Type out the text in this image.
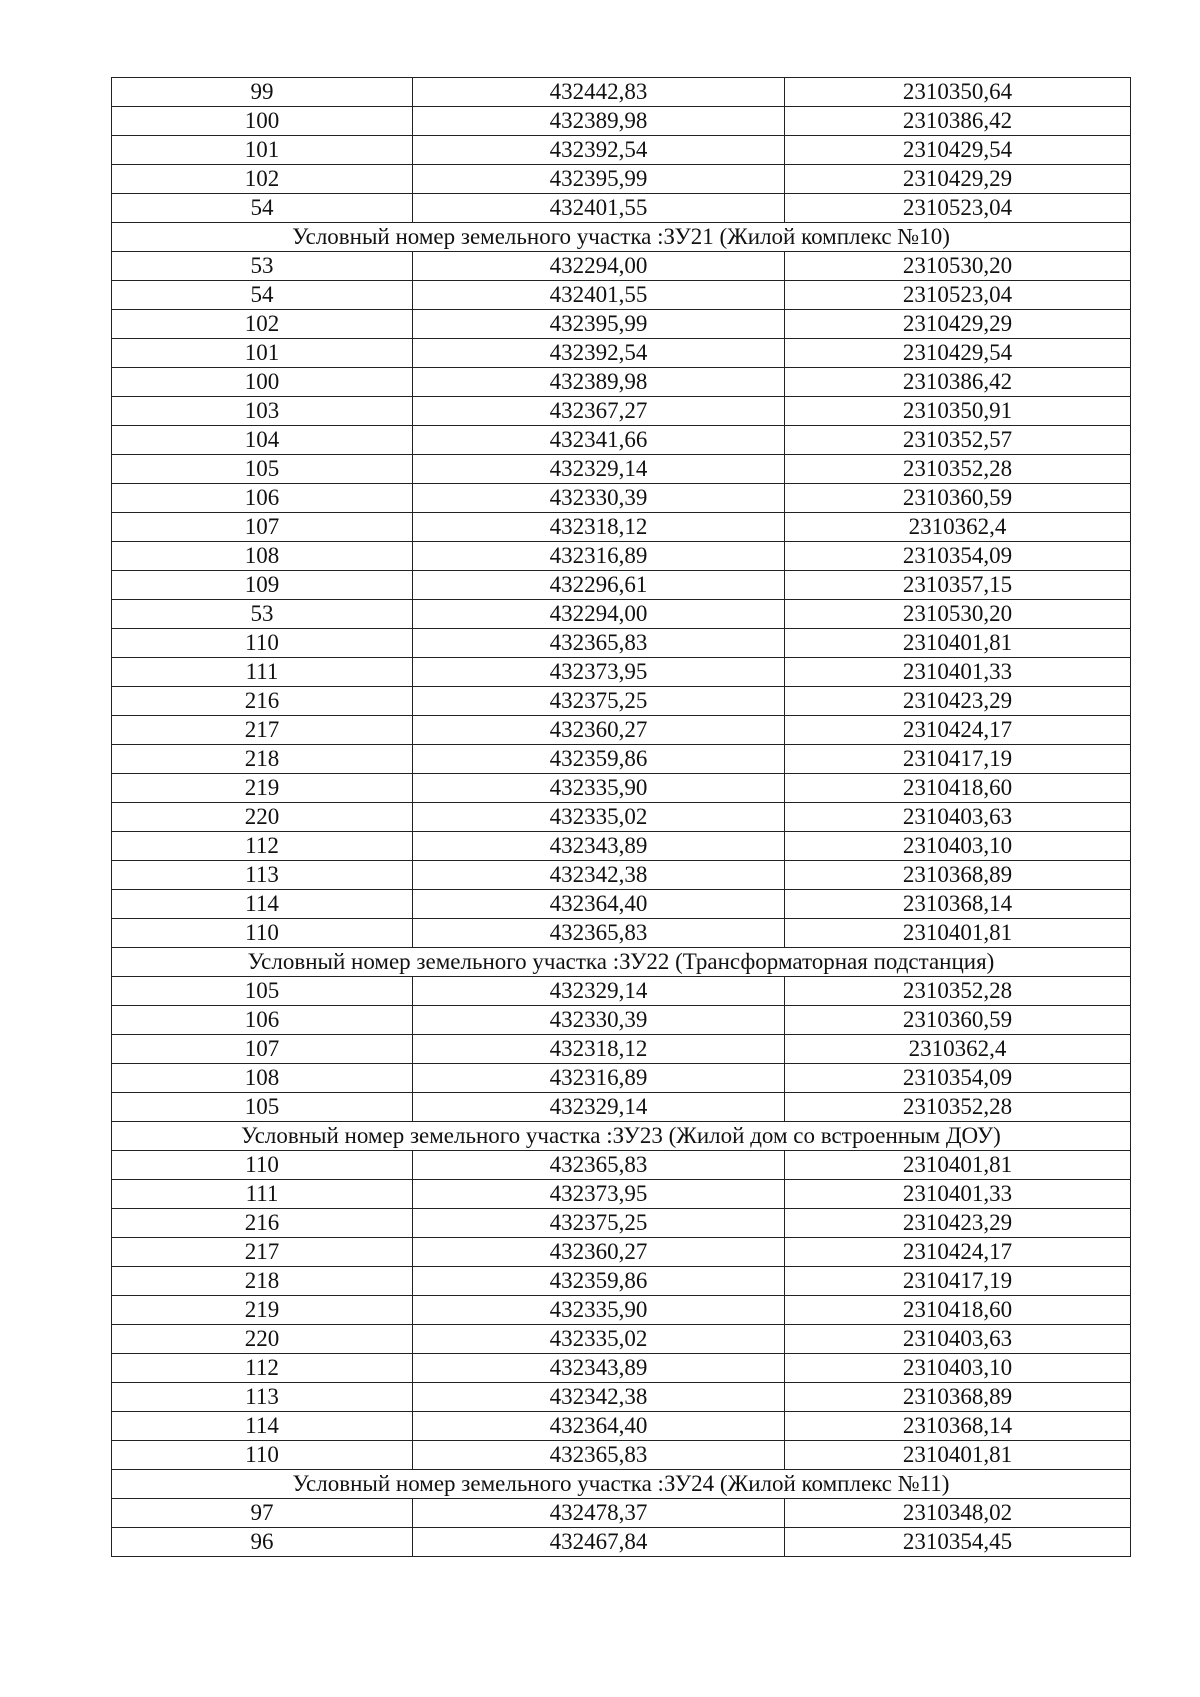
99	432442,83	2310350,64
100	432389,98	2310386,42
101	432392,54	2310429,54
102	432395,99	2310429,29
54	432401,55	2310523,04
Условный номер земельного участка :ЗУ21 (Жилой комплекс №10)		
53	432294,00	2310530,20
54	432401,55	2310523,04
102	432395,99	2310429,29
101	432392,54	2310429,54
100	432389,98	2310386,42
103	432367,27	2310350,91
104	432341,66	2310352,57
105	432329,14	2310352,28
106	432330,39	2310360,59
107	432318,12	2310362,4
108	432316,89	2310354,09
109	432296,61	2310357,15
53	432294,00	2310530,20
110	432365,83	2310401,81
111	432373,95	2310401,33
216	432375,25	2310423,29
217	432360,27	2310424,17
218	432359,86	2310417,19
219	432335,90	2310418,60
220	432335,02	2310403,63
112	432343,89	2310403,10
113	432342,38	2310368,89
114	432364,40	2310368,14
110	432365,83	2310401,81
Условный номер земельного участка :ЗУ22 (Трансформаторная подстанция)		
105	432329,14	2310352,28
106	432330,39	2310360,59
107	432318,12	2310362,4
108	432316,89	2310354,09
105	432329,14	2310352,28
Условный номер земельного участка :ЗУ23 (Жилой дом со встроенным ДОУ)		
110	432365,83	2310401,81
111	432373,95	2310401,33
216	432375,25	2310423,29
217	432360,27	2310424,17
218	432359,86	2310417,19
219	432335,90	2310418,60
220	432335,02	2310403,63
112	432343,89	2310403,10
113	432342,38	2310368,89
114	432364,40	2310368,14
110	432365,83	2310401,81
Условный номер земельного участка :ЗУ24 (Жилой комплекс №11)		
97	432478,37	2310348,02
96	432467,84	2310354,45
